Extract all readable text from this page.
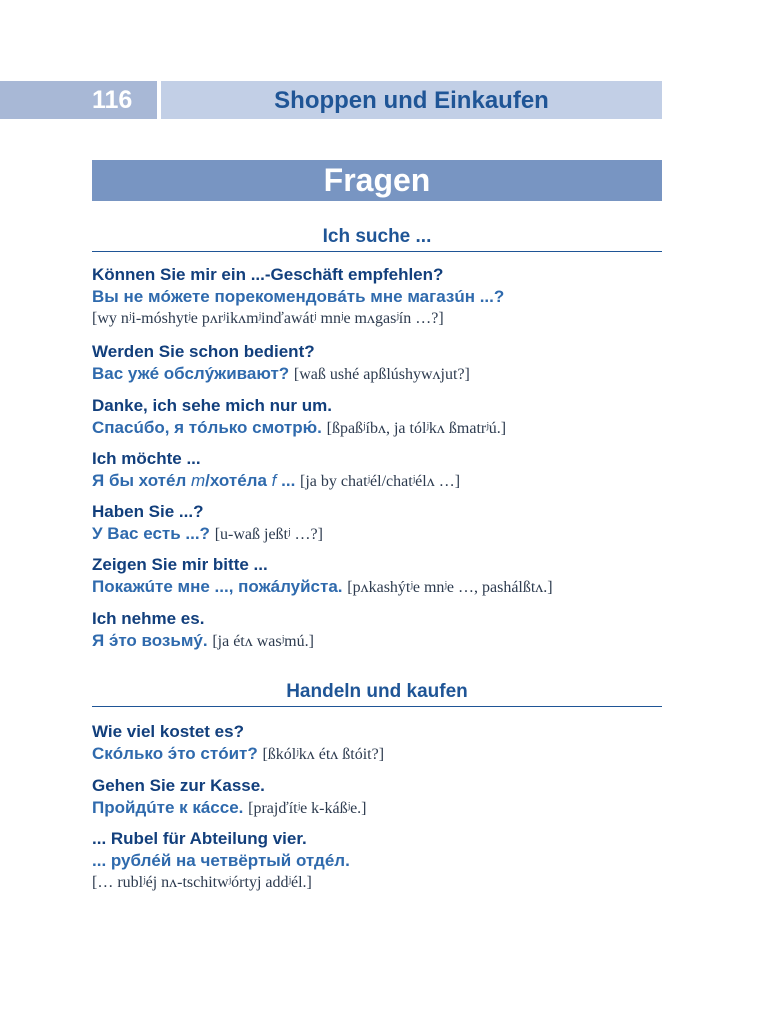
116	Shoppen und Einkaufen
Fragen
Ich suche ...
Können Sie mir ein ...-Geschäft empfehlen?
Вы не мóжете порекомендовáть мне магазúн ...?
[wy nʲi-móshytʲe pʌrʲikʌmʲinďawátʲ mnʲe mʌgasʲín …?]
Werden Sie schon bedient?
Вас ужé обслýживают? [waß ushé apßlúshywʌjut?]
Danke, ich sehe mich nur um.
Спасúбо, я тóлько смотрю́. [ßpaßʲíbʌ, ja tólʲkʌ ßmatrʲú.]
Ich möchte ...
Я бы хотéл m/хотéла f ... [ja by chatʲél/chatʲélʌ …]
Haben Sie ...?
У Вас есть ...? [u-waß jeßtʲ …?]
Zeigen Sie mir bitte ...
Покажúте мне ..., пожáлуйста. [pʌkashýtʲe mnʲe …, pashálßtʌ.]
Ich nehme es.
Я э́то возьмý. [ja étʌ wasʲmú.]
Handeln und kaufen
Wie viel kostet es?
Скóлько э́то стóит? [ßkólʲkʌ étʌ ßtóit?]
Gehen Sie zur Kasse.
Пройдúте к кáссе. [prajďítʲe k-káßʲe.]
... Rubel für Abteilung vier.
... рублéй на четвёртый отдéл.
[… rublʲéj nʌ-tschitwʲórtyj addʲél.]
